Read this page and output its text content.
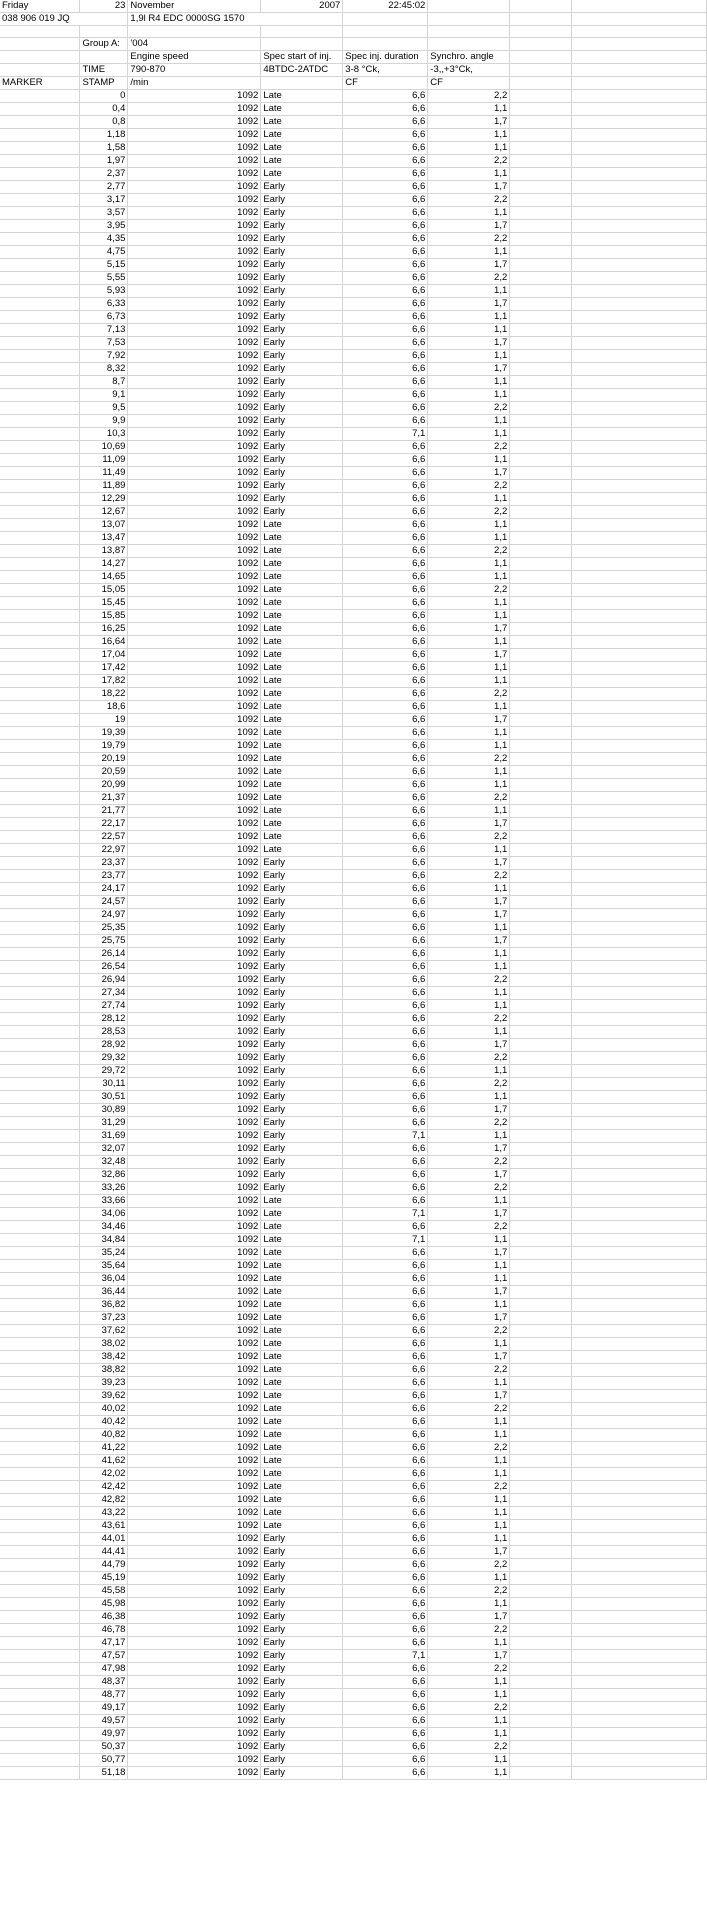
Friday	23	November	2007	22:45:02			
038 906 019 JQ		1,9l R4 EDC 0000SG 1570					

	Group A:	'004					
		Engine speed	Spec start of inj.	Spec inj. duration	Synchro. angle		
	TIME	790-870	4BTDC-2ATDC	3-8 °Ck,	-3,,+3°Ck,		
MARKER	STAMP	/min		CF	CF		
	0	1092	Late	6,6	2,2		
	0,4	1092	Late	6,6	1,1		
	0,8	1092	Late	6,6	1,7		
	1,18	1092	Late	6,6	1,1		
	1,58	1092	Late	6,6	1,1		
	1,97	1092	Late	6,6	2,2		
	2,37	1092	Late	6,6	1,1		
	2,77	1092	Early	6,6	1,7		
	3,17	1092	Early	6,6	2,2		
	3,57	1092	Early	6,6	1,1		
	3,95	1092	Early	6,6	1,7		
	4,35	1092	Early	6,6	2,2		
	4,75	1092	Early	6,6	1,1		
	5,15	1092	Early	6,6	1,7		
	5,55	1092	Early	6,6	2,2		
	5,93	1092	Early	6,6	1,1		
	6,33	1092	Early	6,6	1,7		
	6,73	1092	Early	6,6	1,1		
	7,13	1092	Early	6,6	1,1		
	7,53	1092	Early	6,6	1,7		
	7,92	1092	Early	6,6	1,1		
	8,32	1092	Early	6,6	1,7		
	8,7	1092	Early	6,6	1,1		
	9,1	1092	Early	6,6	1,1		
	9,5	1092	Early	6,6	2,2		
	9,9	1092	Early	6,6	1,1		
	10,3	1092	Early	7,1	1,1		
	10,69	1092	Early	6,6	2,2		
	11,09	1092	Early	6,6	1,1		
	11,49	1092	Early	6,6	1,7		
	11,89	1092	Early	6,6	2,2		
	12,29	1092	Early	6,6	1,1		
	12,67	1092	Early	6,6	2,2		
	13,07	1092	Late	6,6	1,1		
	13,47	1092	Late	6,6	1,1		
	13,87	1092	Late	6,6	2,2		
	14,27	1092	Late	6,6	1,1		
	14,65	1092	Late	6,6	1,1		
	15,05	1092	Late	6,6	2,2		
	15,45	1092	Late	6,6	1,1		
	15,85	1092	Late	6,6	1,1		
	16,25	1092	Late	6,6	1,7		
	16,64	1092	Late	6,6	1,1		
	17,04	1092	Late	6,6	1,7		
	17,42	1092	Late	6,6	1,1		
	17,82	1092	Late	6,6	1,1		
	18,22	1092	Late	6,6	2,2		
	18,6	1092	Late	6,6	1,1		
	19	1092	Late	6,6	1,7		
	19,39	1092	Late	6,6	1,1		
	19,79	1092	Late	6,6	1,1		
	20,19	1092	Late	6,6	2,2		
	20,59	1092	Late	6,6	1,1		
	20,99	1092	Late	6,6	1,1		
	21,37	1092	Late	6,6	2,2		
	21,77	1092	Late	6,6	1,1		
	22,17	1092	Late	6,6	1,7		
	22,57	1092	Late	6,6	2,2		
	22,97	1092	Late	6,6	1,1		
	23,37	1092	Early	6,6	1,7		
	23,77	1092	Early	6,6	2,2		
	24,17	1092	Early	6,6	1,1		
	24,57	1092	Early	6,6	1,7		
	24,97	1092	Early	6,6	1,7		
	25,35	1092	Early	6,6	1,1		
	25,75	1092	Early	6,6	1,7		
	26,14	1092	Early	6,6	1,1		
	26,54	1092	Early	6,6	1,1		
	26,94	1092	Early	6,6	2,2		
	27,34	1092	Early	6,6	1,1		
	27,74	1092	Early	6,6	1,1		
	28,12	1092	Early	6,6	2,2		
	28,53	1092	Early	6,6	1,1		
	28,92	1092	Early	6,6	1,7		
	29,32	1092	Early	6,6	2,2		
	29,72	1092	Early	6,6	1,1		
	30,11	1092	Early	6,6	2,2		
	30,51	1092	Early	6,6	1,1		
	30,89	1092	Early	6,6	1,7		
	31,29	1092	Early	6,6	2,2		
	31,69	1092	Early	7,1	1,1		
	32,07	1092	Early	6,6	1,7		
	32,48	1092	Early	6,6	2,2		
	32,86	1092	Early	6,6	1,7		
	33,26	1092	Early	6,6	2,2		
	33,66	1092	Late	6,6	1,1		
	34,06	1092	Late	7,1	1,7		
	34,46	1092	Late	6,6	2,2		
	34,84	1092	Late	7,1	1,1		
	35,24	1092	Late	6,6	1,7		
	35,64	1092	Late	6,6	1,1		
	36,04	1092	Late	6,6	1,1		
	36,44	1092	Late	6,6	1,7		
	36,82	1092	Late	6,6	1,1		
	37,23	1092	Late	6,6	1,7		
	37,62	1092	Late	6,6	2,2		
	38,02	1092	Late	6,6	1,1		
	38,42	1092	Late	6,6	1,7		
	38,82	1092	Late	6,6	2,2		
	39,23	1092	Late	6,6	1,1		
	39,62	1092	Late	6,6	1,7		
	40,02	1092	Late	6,6	2,2		
	40,42	1092	Late	6,6	1,1		
	40,82	1092	Late	6,6	1,1		
	41,22	1092	Late	6,6	2,2		
	41,62	1092	Late	6,6	1,1		
	42,02	1092	Late	6,6	1,1		
	42,42	1092	Late	6,6	2,2		
	42,82	1092	Late	6,6	1,1		
	43,22	1092	Late	6,6	1,1		
	43,61	1092	Late	6,6	1,1		
	44,01	1092	Early	6,6	1,1		
	44,41	1092	Early	6,6	1,7		
	44,79	1092	Early	6,6	2,2		
	45,19	1092	Early	6,6	1,1		
	45,58	1092	Early	6,6	2,2		
	45,98	1092	Early	6,6	1,1		
	46,38	1092	Early	6,6	1,7		
	46,78	1092	Early	6,6	2,2		
	47,17	1092	Early	6,6	1,1		
	47,57	1092	Early	7,1	1,7		
	47,98	1092	Early	6,6	2,2		
	48,37	1092	Early	6,6	1,1		
	48,77	1092	Early	6,6	1,1		
	49,17	1092	Early	6,6	2,2		
	49,57	1092	Early	6,6	1,1		
	49,97	1092	Early	6,6	1,1		
	50,37	1092	Early	6,6	2,2		
	50,77	1092	Early	6,6	1,1		
	51,18	1092	Early	6,6	1,1		
